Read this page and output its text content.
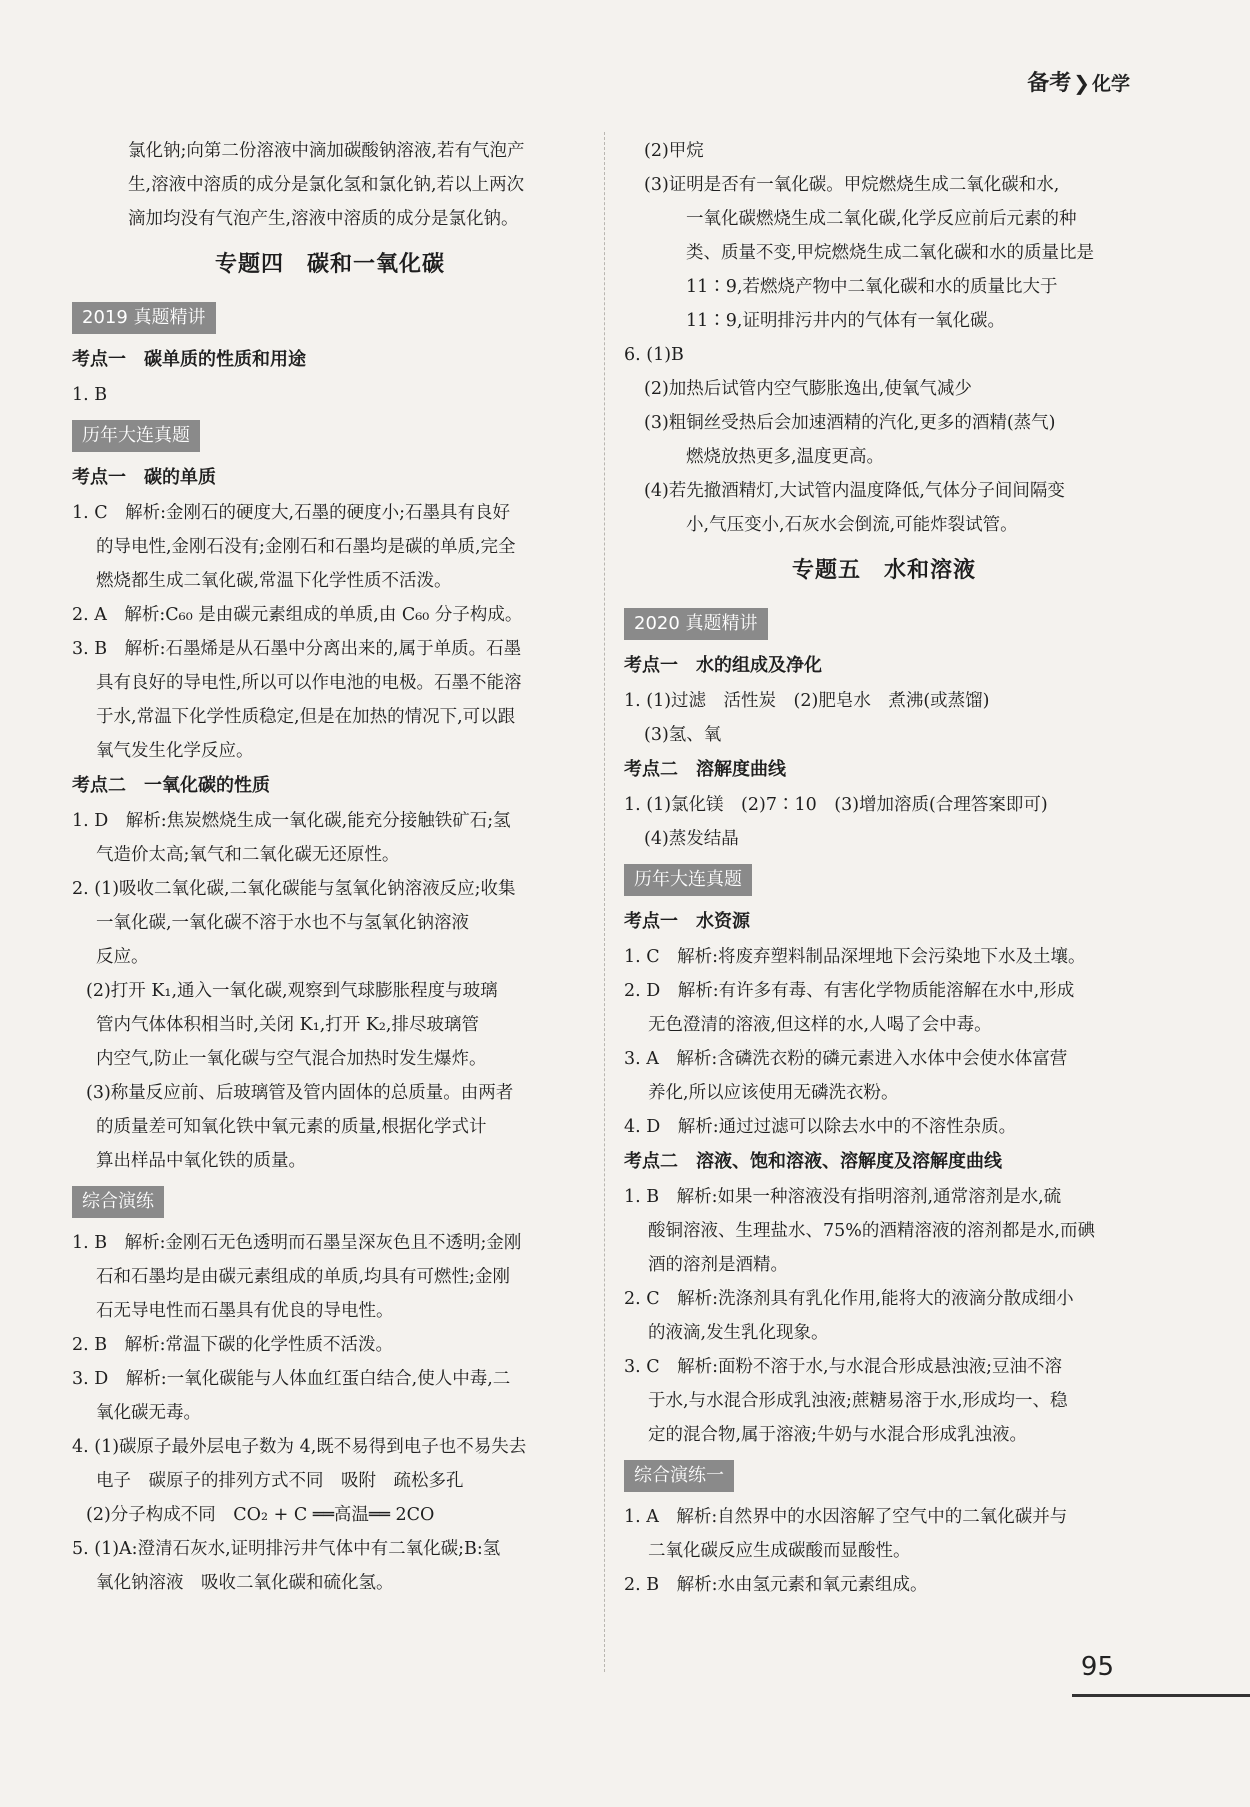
备考 ❯ 化学
氯化钠;向第二份溶液中滴加碳酸钠溶液,若有气泡产
生,溶液中溶质的成分是氯化氢和氯化钠,若以上两次
滴加均没有气泡产生,溶液中溶质的成分是氯化钠。
专题四　碳和一氧化碳
2019 真题精讲
考点一　碳单质的性质和用途
1. B
历年大连真题
考点一　碳的单质
1. C　解析:金刚石的硬度大,石墨的硬度小;石墨具有良好
的导电性,金刚石没有;金刚石和石墨均是碳的单质,完全
燃烧都生成二氧化碳,常温下化学性质不活泼。
2. A　解析:C₆₀ 是由碳元素组成的单质,由 C₆₀ 分子构成。
3. B　解析:石墨烯是从石墨中分离出来的,属于单质。石墨
具有良好的导电性,所以可以作电池的电极。石墨不能溶
于水,常温下化学性质稳定,但是在加热的情况下,可以跟
氧气发生化学反应。
考点二　一氧化碳的性质
1. D　解析:焦炭燃烧生成一氧化碳,能充分接触铁矿石;氢
气造价太高;氧气和二氧化碳无还原性。
2. (1)吸收二氧化碳,二氧化碳能与氢氧化钠溶液反应;收集
一氧化碳,一氧化碳不溶于水也不与氢氧化钠溶液
反应。
(2)打开 K₁,通入一氧化碳,观察到气球膨胀程度与玻璃
管内气体体积相当时,关闭 K₁,打开 K₂,排尽玻璃管
内空气,防止一氧化碳与空气混合加热时发生爆炸。
(3)称量反应前、后玻璃管及管内固体的总质量。由两者
的质量差可知氧化铁中氧元素的质量,根据化学式计
算出样品中氧化铁的质量。
综合演练
1. B　解析:金刚石无色透明而石墨呈深灰色且不透明;金刚
石和石墨均是由碳元素组成的单质,均具有可燃性;金刚
石无导电性而石墨具有优良的导电性。
2. B　解析:常温下碳的化学性质不活泼。
3. D　解析:一氧化碳能与人体血红蛋白结合,使人中毒,二
氧化碳无毒。
4. (1)碳原子最外层电子数为 4,既不易得到电子也不易失去
电子　碳原子的排列方式不同　吸附　疏松多孔
(2)分子构成不同　CO₂ + C ══高温══ 2CO
5. (1)A:澄清石灰水,证明排污井气体中有二氧化碳;B:氢
氧化钠溶液　吸收二氧化碳和硫化氢。
(2)甲烷
(3)证明是否有一氧化碳。甲烷燃烧生成二氧化碳和水,
一氧化碳燃烧生成二氧化碳,化学反应前后元素的种
类、质量不变,甲烷燃烧生成二氧化碳和水的质量比是
11∶9,若燃烧产物中二氧化碳和水的质量比大于
11∶9,证明排污井内的气体有一氧化碳。
6. (1)B
(2)加热后试管内空气膨胀逸出,使氧气减少
(3)粗铜丝受热后会加速酒精的汽化,更多的酒精(蒸气)
燃烧放热更多,温度更高。
(4)若先撤酒精灯,大试管内温度降低,气体分子间间隔变
小,气压变小,石灰水会倒流,可能炸裂试管。
专题五　水和溶液
2020 真题精讲
考点一　水的组成及净化
1. (1)过滤　活性炭　(2)肥皂水　煮沸(或蒸馏)
(3)氢、氧
考点二　溶解度曲线
1. (1)氯化镁　(2)7∶10　(3)增加溶质(合理答案即可)
(4)蒸发结晶
历年大连真题
考点一　水资源
1. C　解析:将废弃塑料制品深埋地下会污染地下水及土壤。
2. D　解析:有许多有毒、有害化学物质能溶解在水中,形成
无色澄清的溶液,但这样的水,人喝了会中毒。
3. A　解析:含磷洗衣粉的磷元素进入水体中会使水体富营
养化,所以应该使用无磷洗衣粉。
4. D　解析:通过过滤可以除去水中的不溶性杂质。
考点二　溶液、饱和溶液、溶解度及溶解度曲线
1. B　解析:如果一种溶液没有指明溶剂,通常溶剂是水,硫
酸铜溶液、生理盐水、75%的酒精溶液的溶剂都是水,而碘
酒的溶剂是酒精。
2. C　解析:洗涤剂具有乳化作用,能将大的液滴分散成细小
的液滴,发生乳化现象。
3. C　解析:面粉不溶于水,与水混合形成悬浊液;豆油不溶
于水,与水混合形成乳浊液;蔗糖易溶于水,形成均一、稳
定的混合物,属于溶液;牛奶与水混合形成乳浊液。
综合演练一
1. A　解析:自然界中的水因溶解了空气中的二氧化碳并与
二氧化碳反应生成碳酸而显酸性。
2. B　解析:水由氢元素和氧元素组成。
95
